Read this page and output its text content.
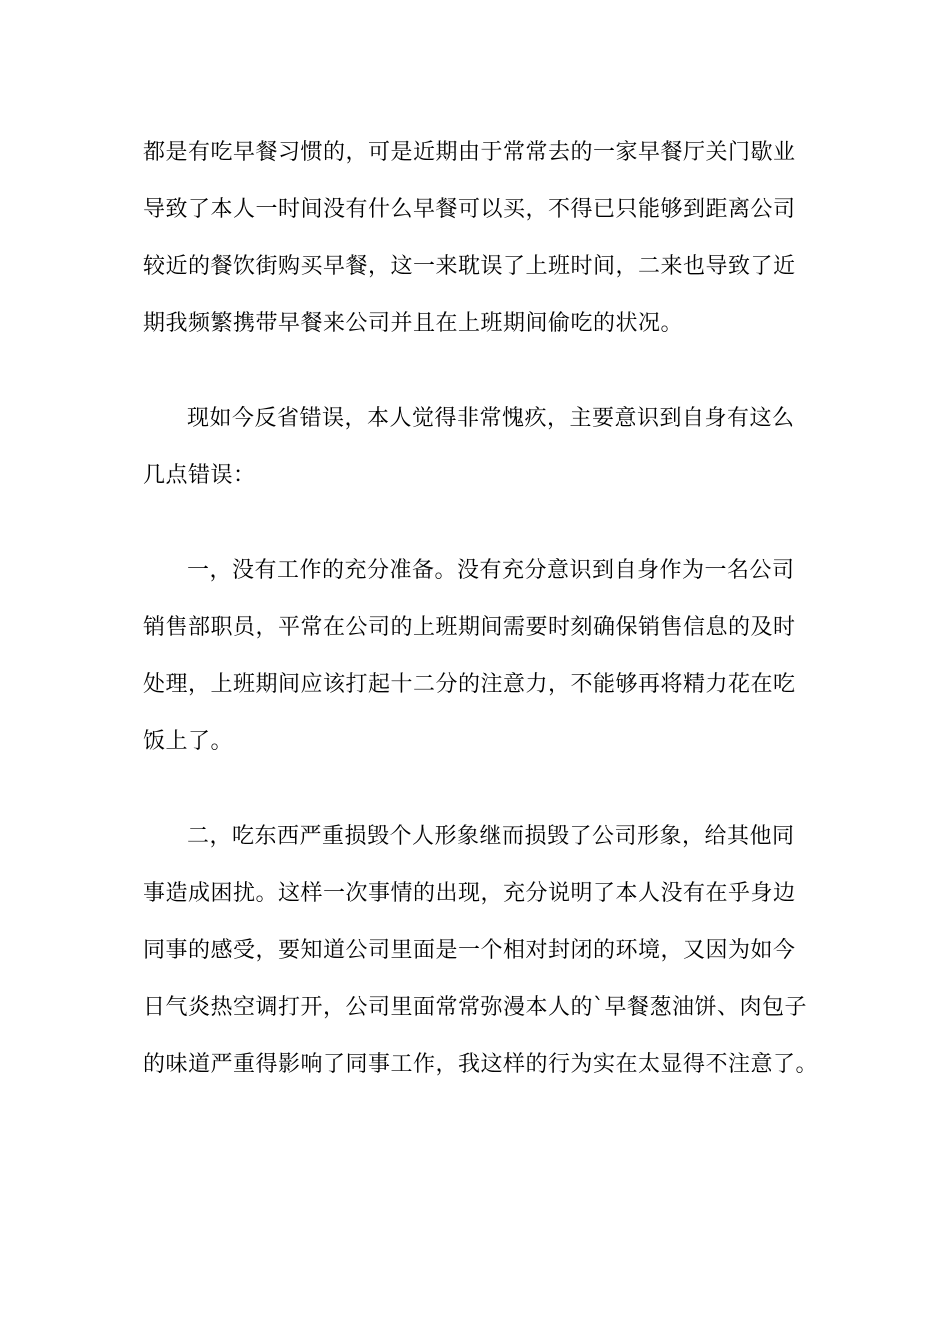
都是有吃早餐习惯的，可是近期由于常常去的一家早餐厅关门歇业
导致了本人一时间没有什么早餐可以买，不得已只能够到距离公司
较近的餐饮街购买早餐，这一来耽误了上班时间，二来也导致了近
期我频繁携带早餐来公司并且在上班期间偷吃的状况。
现如今反省错误，本人觉得非常愧疚，主要意识到自身有这么
几点错误：
一，没有工作的充分准备。没有充分意识到自身作为一名公司
销售部职员，平常在公司的上班期间需要时刻确保销售信息的及时
处理，上班期间应该打起十二分的注意力，不能够再将精力花在吃
饭上了。
二，吃东西严重损毁个人形象继而损毁了公司形象，给其他同
事造成困扰。这样一次事情的出现，充分说明了本人没有在乎身边
同事的感受，要知道公司里面是一个相对封闭的环境，又因为如今
日气炎热空调打开，公司里面常常弥漫本人的`早餐葱油饼、肉包子
的味道严重得影响了同事工作，我这样的行为实在太显得不注意了。
